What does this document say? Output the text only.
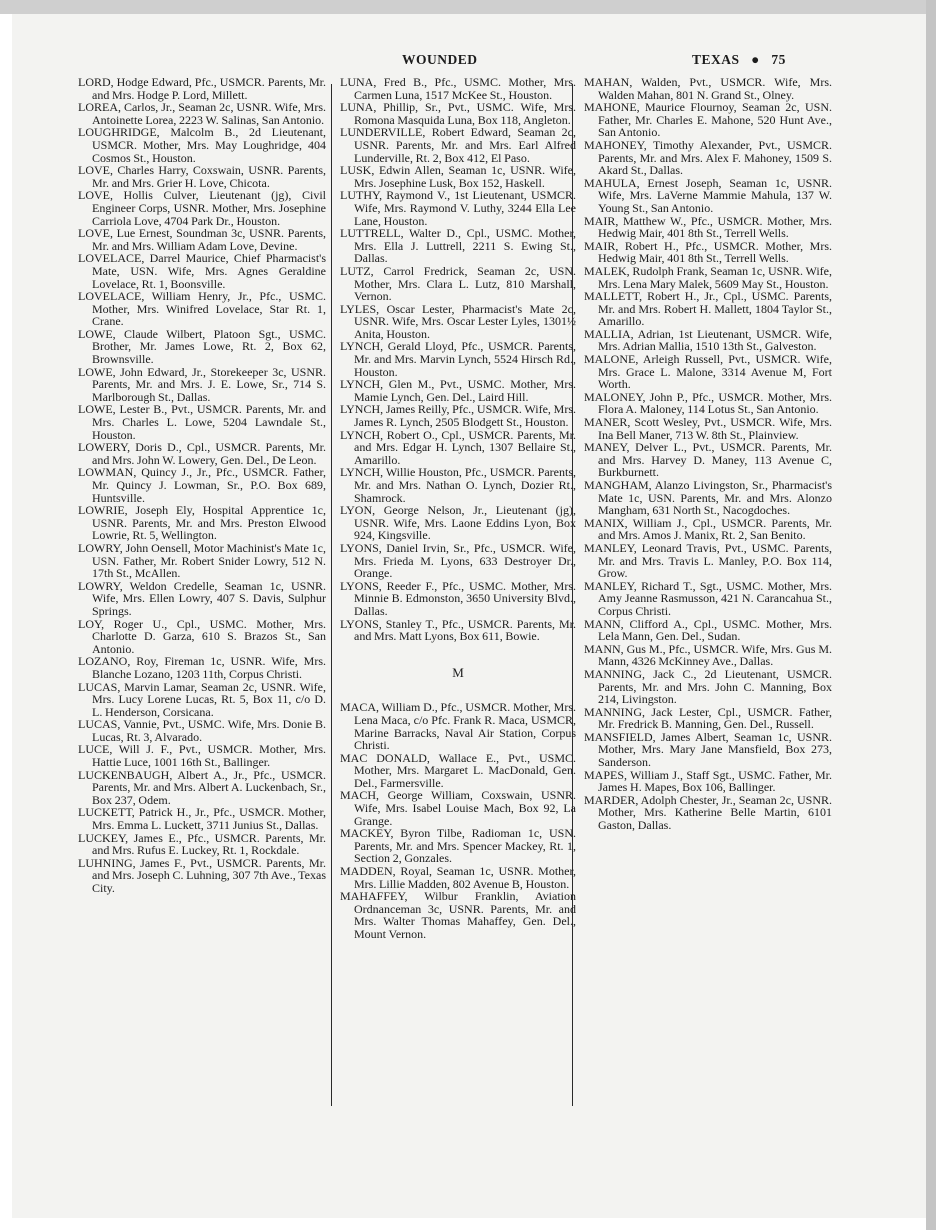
WOUNDED	TEXAS ● 75

LORD, Hodge Edward, Pfc., USMCR. Parents, Mr. and Mrs. Hodge P. Lord, Millett.

LOREA, Carlos, Jr., Seaman 2c, USNR. Wife, Mrs. Antoinette Lorea, 2223 W. Salinas, San Antonio.

LOUGHRIDGE, Malcolm B., 2d Lieutenant, USMCR. Mother, Mrs. May Loughridge, 404 Cosmos St., Houston.

LOVE, Charles Harry, Coxswain, USNR. Parents, Mr. and Mrs. Grier H. Love, Chicota.

LOVE, Hollis Culver, Lieutenant (jg), Civil Engineer Corps, USNR. Mother, Mrs. Josephine Carriola Love, 4704 Park Dr., Houston.

LOVE, Lue Ernest, Soundman 3c, USNR. Parents, Mr. and Mrs. William Adam Love, Devine.

LOVELACE, Darrel Maurice, Chief Pharmacist's Mate, USN. Wife, Mrs. Agnes Geraldine Lovelace, Rt. 1, Boonsville.

LOVELACE, William Henry, Jr., Pfc., USMC. Mother, Mrs. Winifred Lovelace, Star Rt. 1, Crane.

LOWE, Claude Wilbert, Platoon Sgt., USMC. Brother, Mr. James Lowe, Rt. 2, Box 62, Brownsville.

LOWE, John Edward, Jr., Storekeeper 3c, USNR. Parents, Mr. and Mrs. J. E. Lowe, Sr., 714 S. Marlborough St., Dallas.

LOWE, Lester B., Pvt., USMCR. Parents, Mr. and Mrs. Charles L. Lowe, 5204 Lawndale St., Houston.

LOWERY, Doris D., Cpl., USMCR. Parents, Mr. and Mrs. John W. Lowery, Gen. Del., De Leon.

LOWMAN, Quincy J., Jr., Pfc., USMCR. Father, Mr. Quincy J. Lowman, Sr., P.O. Box 689, Huntsville.

LOWRIE, Joseph Ely, Hospital Apprentice 1c, USNR. Parents, Mr. and Mrs. Preston Elwood Lowrie, Rt. 5, Wellington.

LOWRY, John Oensell, Motor Machinist's Mate 1c, USN. Father, Mr. Robert Snider Lowry, 512 N. 17th St., McAllen.

LOWRY, Weldon Credelle, Seaman 1c, USNR. Wife, Mrs. Ellen Lowry, 407 S. Davis, Sulphur Springs.

LOY, Roger U., Cpl., USMC. Mother, Mrs. Charlotte D. Garza, 610 S. Brazos St., San Antonio.

LOZANO, Roy, Fireman 1c, USNR. Wife, Mrs. Blanche Lozano, 1203 11th, Corpus Christi.

LUCAS, Marvin Lamar, Seaman 2c, USNR. Wife, Mrs. Lucy Lorene Lucas, Rt. 5, Box 11, c/o D. L. Henderson, Corsicana.

LUCAS, Vannie, Pvt., USMC. Wife, Mrs. Donie B. Lucas, Rt. 3, Alvarado.

LUCE, Will J. F., Pvt., USMCR. Mother, Mrs. Hattie Luce, 1001 16th St., Ballinger.

LUCKENBAUGH, Albert A., Jr., Pfc., USMCR. Parents, Mr. and Mrs. Albert A. Luckenbach, Sr., Box 237, Odem.

LUCKETT, Patrick H., Jr., Pfc., USMCR. Mother, Mrs. Emma L. Luckett, 3711 Junius St., Dallas.

LUCKEY, James E., Pfc., USMCR. Parents, Mr. and Mrs. Rufus E. Luckey, Rt. 1, Rockdale.

LUHNING, James F., Pvt., USMCR. Parents, Mr. and Mrs. Joseph C. Luhning, 307 7th Ave., Texas City.

LUNA, Fred B., Pfc., USMC. Mother, Mrs. Carmen Luna, 1517 McKee St., Houston.

LUNA, Phillip, Sr., Pvt., USMC. Wife, Mrs. Romona Masquida Luna, Box 118, Angleton.

LUNDERVILLE, Robert Edward, Seaman 2c, USNR. Parents, Mr. and Mrs. Earl Alfred Lunderville, Rt. 2, Box 412, El Paso.

LUSK, Edwin Allen, Seaman 1c, USNR. Wife, Mrs. Josephine Lusk, Box 152, Haskell.

LUTHY, Raymond V., 1st Lieutenant, USMCR. Wife, Mrs. Raymond V. Luthy, 3244 Ella Lee Lane, Houston.

LUTTRELL, Walter D., Cpl., USMC. Mother, Mrs. Ella J. Luttrell, 2211 S. Ewing St., Dallas.

LUTZ, Carrol Fredrick, Seaman 2c, USN. Mother, Mrs. Clara L. Lutz, 810 Marshall, Vernon.

LYLES, Oscar Lester, Pharmacist's Mate 2c, USNR. Wife, Mrs. Oscar Lester Lyles, 1301½ Anita, Houston.

LYNCH, Gerald Lloyd, Pfc., USMCR. Parents, Mr. and Mrs. Marvin Lynch, 5524 Hirsch Rd., Houston.

LYNCH, Glen M., Pvt., USMC. Mother, Mrs. Mamie Lynch, Gen. Del., Laird Hill.

LYNCH, James Reilly, Pfc., USMCR. Wife, Mrs. James R. Lynch, 2505 Blodgett St., Houston.

LYNCH, Robert O., Cpl., USMCR. Parents, Mr. and Mrs. Edgar H. Lynch, 1307 Bellaire St., Amarillo.

LYNCH, Willie Houston, Pfc., USMCR. Parents, Mr. and Mrs. Nathan O. Lynch, Dozier Rt., Shamrock.

LYON, George Nelson, Jr., Lieutenant (jg), USNR. Wife, Mrs. Laone Eddins Lyon, Box 924, Kingsville.

LYONS, Daniel Irvin, Sr., Pfc., USMCR. Wife, Mrs. Frieda M. Lyons, 633 Destroyer Dr., Orange.

LYONS, Reeder F., Pfc., USMC. Mother, Mrs. Minnie B. Edmonston, 3650 University Blvd., Dallas.

LYONS, Stanley T., Pfc., USMCR. Parents, Mr. and Mrs. Matt Lyons, Box 611, Bowie.

M

MACA, William D., Pfc., USMCR. Mother, Mrs. Lena Maca, c/o Pfc. Frank R. Maca, USMCR, Marine Barracks, Naval Air Station, Corpus Christi.

MAC DONALD, Wallace E., Pvt., USMC. Mother, Mrs. Margaret L. MacDonald, Gen. Del., Farmersville.

MACH, George William, Coxswain, USNR. Wife, Mrs. Isabel Louise Mach, Box 92, La Grange.

MACKEY, Byron Tilbe, Radioman 1c, USN. Parents, Mr. and Mrs. Spencer Mackey, Rt. 1, Section 2, Gonzales.

MADDEN, Royal, Seaman 1c, USNR. Mother, Mrs. Lillie Madden, 802 Avenue B, Houston.

MAHAFFEY, Wilbur Franklin, Aviation Ordnanceman 3c, USNR. Parents, Mr. and Mrs. Walter Thomas Mahaffey, Gen. Del., Mount Vernon.

MAHAN, Walden, Pvt., USMCR. Wife, Mrs. Walden Mahan, 801 N. Grand St., Olney.

MAHONE, Maurice Flournoy, Seaman 2c, USN. Father, Mr. Charles E. Mahone, 520 Hunt Ave., San Antonio.

MAHONEY, Timothy Alexander, Pvt., USMCR. Parents, Mr. and Mrs. Alex F. Mahoney, 1509 S. Akard St., Dallas.

MAHULA, Ernest Joseph, Seaman 1c, USNR. Wife, Mrs. LaVerne Mammie Mahula, 137 W. Young St., San Antonio.

MAIR, Matthew W., Pfc., USMCR. Mother, Mrs. Hedwig Mair, 401 8th St., Terrell Wells.

MAIR, Robert H., Pfc., USMCR. Mother, Mrs. Hedwig Mair, 401 8th St., Terrell Wells.

MALEK, Rudolph Frank, Seaman 1c, USNR. Wife, Mrs. Lena Mary Malek, 5609 May St., Houston.

MALLETT, Robert H., Jr., Cpl., USMC. Parents, Mr. and Mrs. Robert H. Mallett, 1804 Taylor St., Amarillo.

MALLIA, Adrian, 1st Lieutenant, USMCR. Wife, Mrs. Adrian Mallia, 1510 13th St., Galveston.

MALONE, Arleigh Russell, Pvt., USMCR. Wife, Mrs. Grace L. Malone, 3314 Avenue M, Fort Worth.

MALONEY, John P., Pfc., USMCR. Mother, Mrs. Flora A. Maloney, 114 Lotus St., San Antonio.

MANER, Scott Wesley, Pvt., USMCR. Wife, Mrs. Ina Bell Maner, 713 W. 8th St., Plainview.

MANEY, Delver L., Pvt., USMCR. Parents, Mr. and Mrs. Harvey D. Maney, 113 Avenue C, Burkburnett.

MANGHAM, Alanzo Livingston, Sr., Pharmacist's Mate 1c, USN. Parents, Mr. and Mrs. Alonzo Mangham, 631 North St., Nacogdoches.

MANIX, William J., Cpl., USMCR. Parents, Mr. and Mrs. Amos J. Manix, Rt. 2, San Benito.

MANLEY, Leonard Travis, Pvt., USMC. Parents, Mr. and Mrs. Travis L. Manley, P.O. Box 114, Grow.

MANLEY, Richard T., Sgt., USMC. Mother, Mrs. Amy Jeanne Rasmusson, 421 N. Carancahua St., Corpus Christi.

MANN, Clifford A., Cpl., USMC. Mother, Mrs. Lela Mann, Gen. Del., Sudan.

MANN, Gus M., Pfc., USMCR. Wife, Mrs. Gus M. Mann, 4326 McKinney Ave., Dallas.

MANNING, Jack C., 2d Lieutenant, USMCR. Parents, Mr. and Mrs. John C. Manning, Box 214, Livingston.

MANNING, Jack Lester, Cpl., USMCR. Father, Mr. Fredrick B. Manning, Gen. Del., Russell.

MANSFIELD, James Albert, Seaman 1c, USNR. Mother, Mrs. Mary Jane Mansfield, Box 273, Sanderson.

MAPES, William J., Staff Sgt., USMC. Father, Mr. James H. Mapes, Box 106, Ballinger.

MARDER, Adolph Chester, Jr., Seaman 2c, USNR. Mother, Mrs. Katherine Belle Martin, 6101 Gaston, Dallas.
